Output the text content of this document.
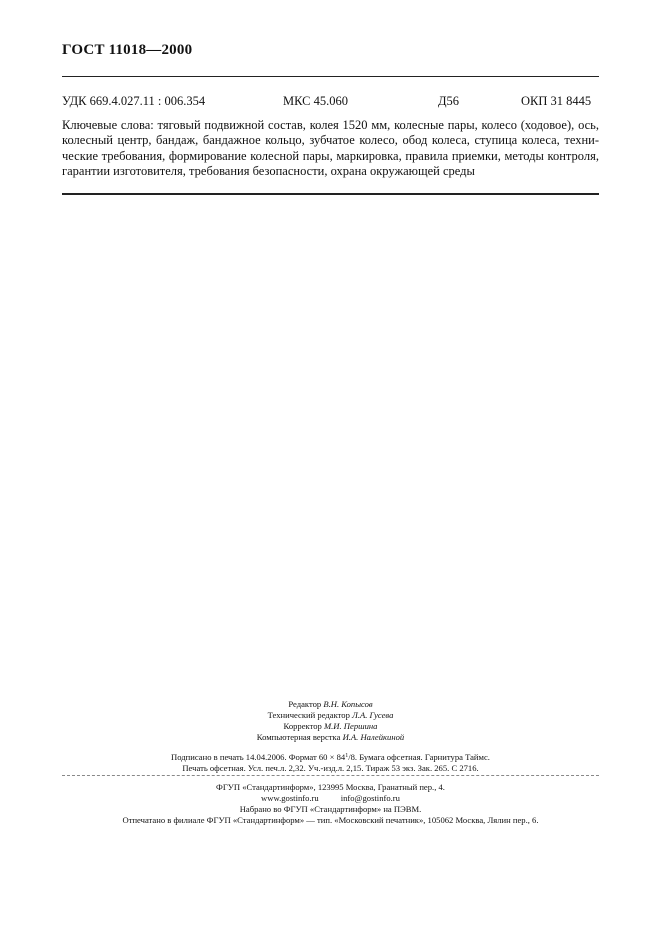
ГОСТ 11018—2000
УДК 669.4.027.11 : 006.354	МКС 45.060	Д56	ОКП 31 8445
Ключевые слова: тяговый подвижной состав, колея 1520 мм, колесные пары, колесо (ходовое), ось,
колесный центр, бандаж, бандажное кольцо, зубчатое колесо, обод колеса, ступица колеса, техни-
ческие требования, формирование колесной пары, маркировка, правила приемки, методы контроля,
гарантии изготовителя, требования безопасности, охрана окружающей среды
Редактор В.Н. Копысов
Технический редактор Л.А. Гусева
Корректор М.И. Першина
Компьютерная верстка И.А. Налейкиной
Подписано в печать 14.04.2006. Формат $60 \times 84^1/8$. Бумага офсетная. Гарнитура Таймс.
Печать офсетная. Усл. печ.л. 2,32. Уч.-изд.л. 2,15. Тираж 53 экз. Зак. 265. С 2716.
ФГУП «Стандартинформ», 123995 Москва, Гранатный пер., 4.
www.gostinfo.ru	info@gostinfo.ru
Набрано во ФГУП «Стандартинформ» на ПЭВМ.
Отпечатано в филиале ФГУП «Стандартинформ» — тип. «Московский печатник», 105062 Москва, Лялин пер., 6.
